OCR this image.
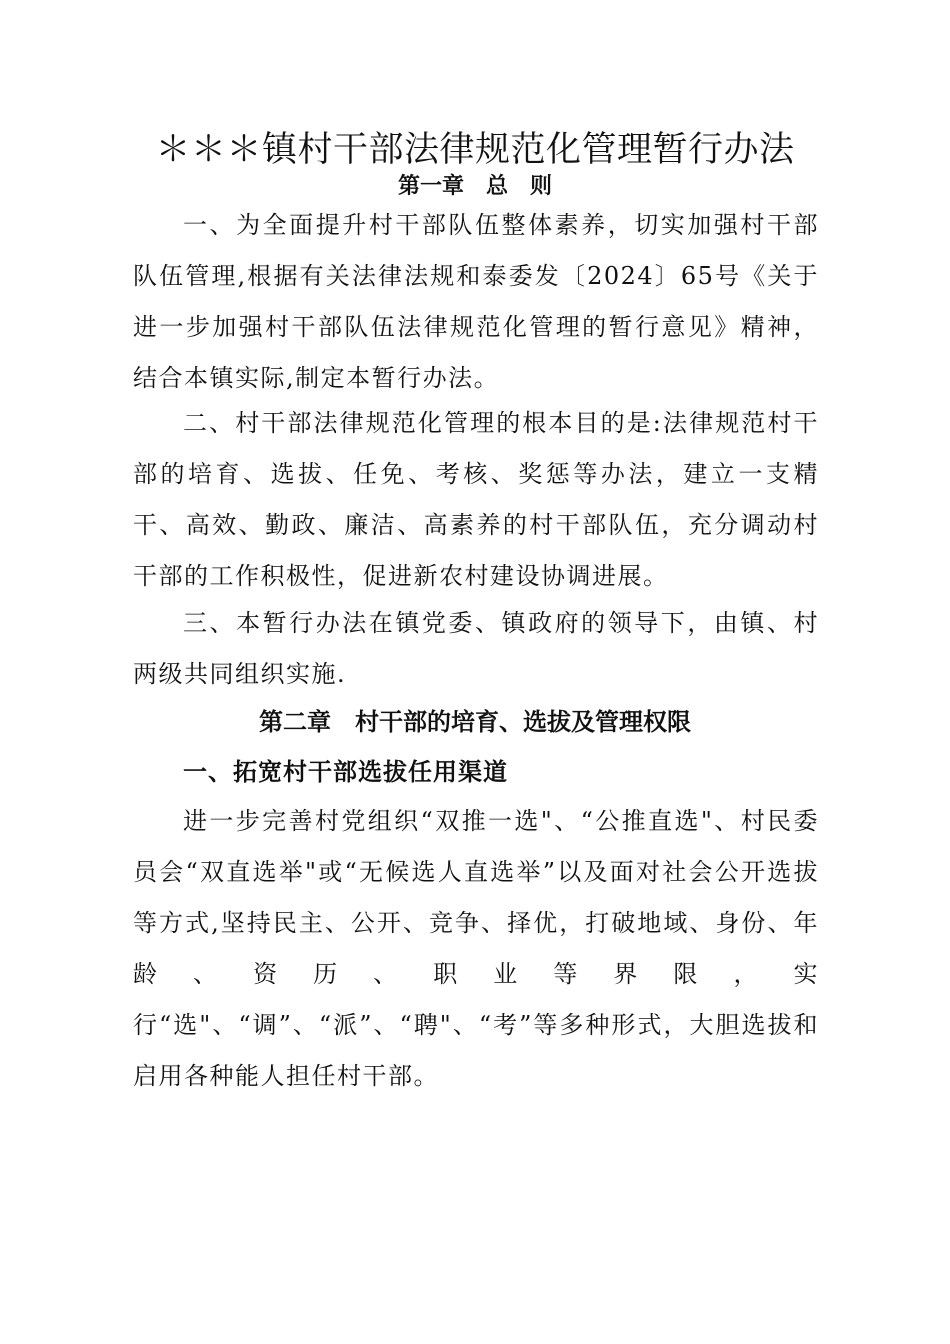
＊＊＊镇村干部法律规范化管理暂行办法
第一章　总　则

一、为全面提升村干部队伍整体素养，切实加强村干部队伍管理,根据有关法律法规和泰委发〔2024〕65号《关于进一步加强村干部队伍法律规范化管理的暂行意见》精神，结合本镇实际,制定本暂行办法。

二、村干部法律规范化管理的根本目的是:法律规范村干部的培育、选拔、任免、考核、奖惩等办法，建立一支精干、高效、勤政、廉洁、高素养的村干部队伍，充分调动村干部的工作积极性，促进新农村建设协调进展。

三、本暂行办法在镇党委、镇政府的领导下，由镇、村两级共同组织实施.

第二章　村干部的培育、选拔及管理权限
一、拓宽村干部选拔任用渠道

进一步完善村党组织“双推一选"、“公推直选"、村民委员会“双直选举"或“无候选人直选举”以及面对社会公开选拔等方式,坚持民主、公开、竞争、择优，打破地域、身份、年龄、资历、职业等界限，实行“选"、“调”、“派”、“聘"、“考”等多种形式，大胆选拔和启用各种能人担任村干部。
